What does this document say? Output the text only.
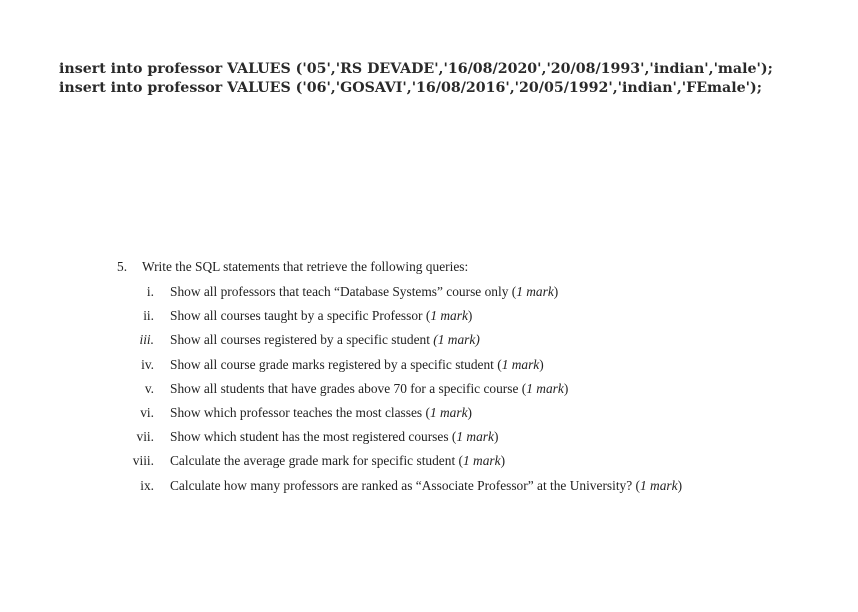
insert into professor VALUES ('05','RS DEVADE','16/08/2020','20/08/1993','indian','male');
insert into professor VALUES ('06','GOSAVI','16/08/2016','20/05/1992','indian','FEmale');
5.	Write the SQL statements that retrieve the following queries:
i. Show all professors that teach “Database Systems” course only (1 mark)
ii. Show all courses taught by a specific Professor (1 mark)
iii. Show all courses registered by a specific student (1 mark)
iv. Show all course grade marks registered by a specific student (1 mark)
v. Show all students that have grades above 70 for a specific course (1 mark)
vi. Show which professor teaches the most classes (1 mark)
vii. Show which student has the most registered courses (1 mark)
viii. Calculate the average grade mark for specific student (1 mark)
ix. Calculate how many professors are ranked as “Associate Professor” at the University? (1 mark)
